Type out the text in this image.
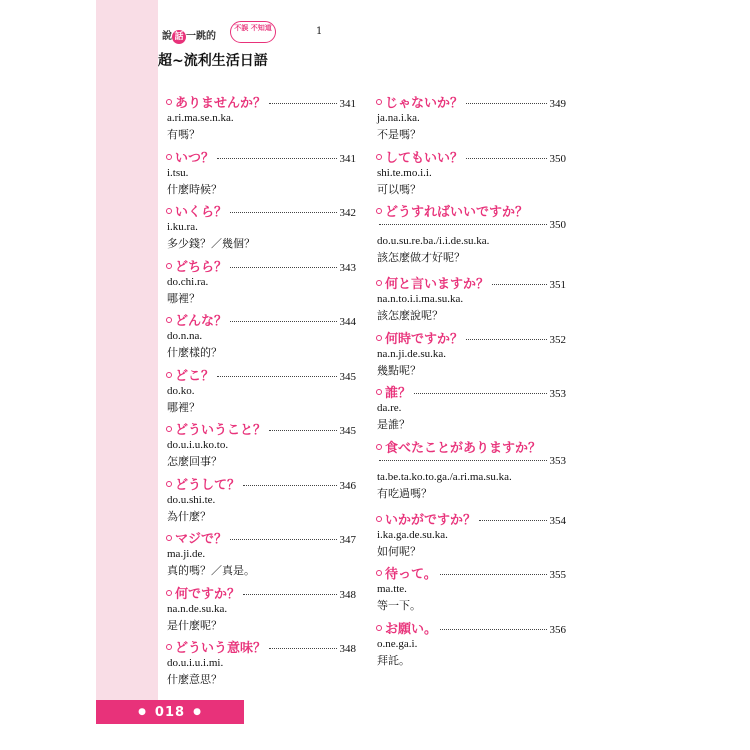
說 話 一跳的
不誤 不知道
超~流利生活日語
1
ありませんか？	341
a.ri.ma.se.n.ka.
有嗎？
いつ？	341
i.tsu.
什麼時候？
いくら？	342
i.ku.ra.
多少錢？／幾個？
どちら？	343
do.chi.ra.
哪裡？
どんな？	344
do.n.na.
什麼樣的？
どこ？	345
do.ko.
哪裡？
どういうこと？	345
do.u.i.u.ko.to.
怎麼回事？
どうして？	346
do.u.shi.te.
為什麼？
マジで？	347
ma.ji.de.
真的嗎？／真是。
何ですか？	348
na.n.de.su.ka.
是什麼呢？
どういう意味？	348
do.u.i.u.i.mi.
什麼意思？
じゃないか？	349
ja.na.i.ka.
不是嗎？
してもいい？	350
shi.te.mo.i.i.
可以嗎？
どうすればいいですか？
350
do.u.su.re.ba./i.i.de.su.ka.
該怎麼做才好呢？
何と言いますか？	351
na.n.to.i.i.ma.su.ka.
該怎麼說呢？
何時ですか？	352
na.n.ji.de.su.ka.
幾點呢？
誰？	353
da.re.
是誰？
食べたことがありますか？
353
ta.be.ta.ko.to.ga./a.ri.ma.su.ka.
有吃過嗎？
いかがですか？	354
i.ka.ga.de.su.ka.
如何呢？
待って。	355
ma.tte.
等一下。
お願い。	356
o.ne.ga.i.
拜託。
● 018 ●
